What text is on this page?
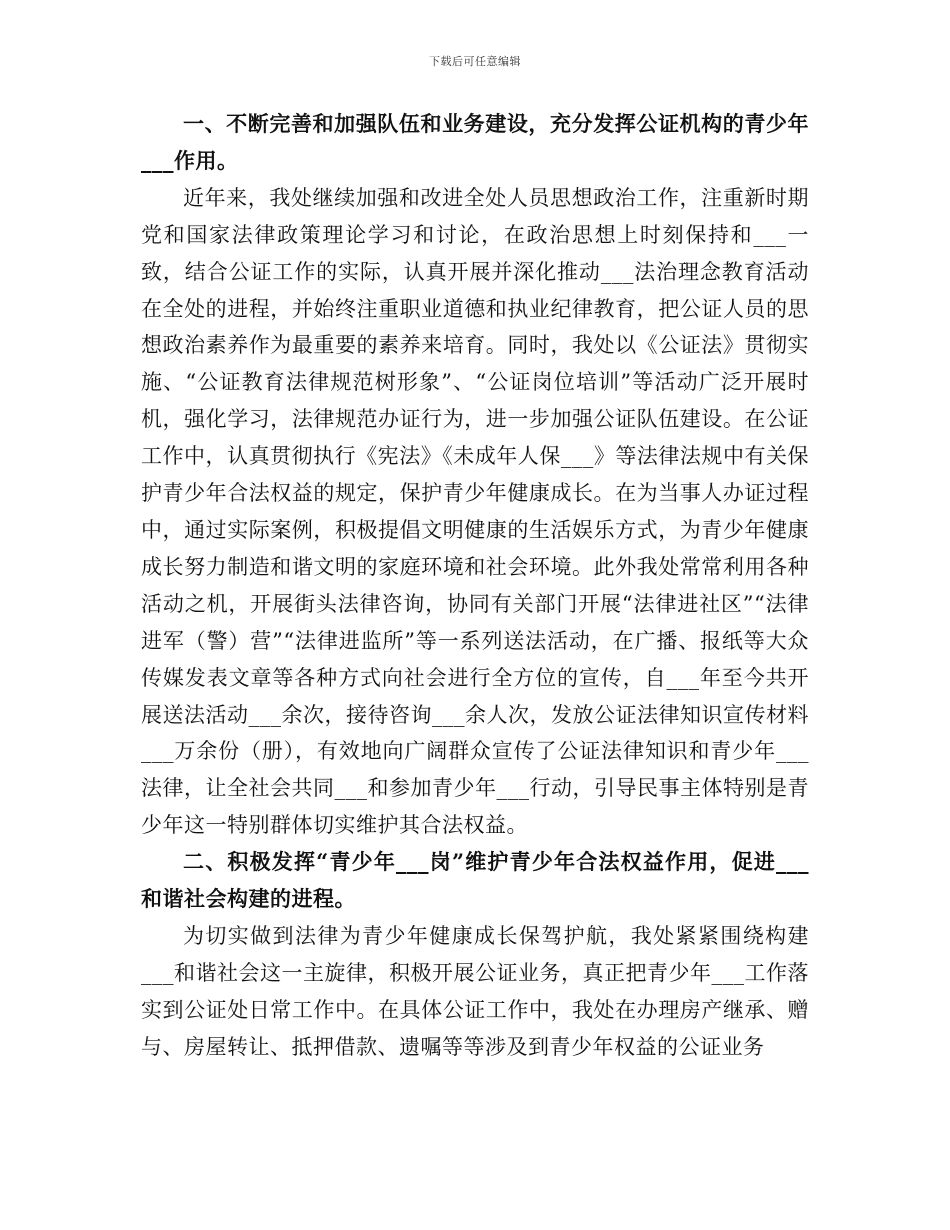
下载后可任意编辑

一、不断完善和加强队伍和业务建设，充分发挥公证机构的青少年___作用。

近年来，我处继续加强和改进全处人员思想政治工作，注重新时期党和国家法律政策理论学习和讨论，在政治思想上时刻保持和___一致，结合公证工作的实际，认真开展并深化推动___法治理念教育活动在全处的进程，并始终注重职业道德和执业纪律教育，把公证人员的思想政治素养作为最重要的素养来培育。同时，我处以《公证法》贯彻实施、“公证教育法律规范树形象”、“公证岗位培训”等活动广泛开展时机，强化学习，法律规范办证行为，进一步加强公证队伍建设。在公证工作中，认真贯彻执行《宪法》《未成年人保___》等法律法规中有关保护青少年合法权益的规定，保护青少年健康成长。在为当事人办证过程中，通过实际案例，积极提倡文明健康的生活娱乐方式，为青少年健康成长努力制造和谐文明的家庭环境和社会环境。此外我处常常利用各种活动之机，开展街头法律咨询，协同有关部门开展“法律进社区”“法律进军（警）营”“法律进监所”等一系列送法活动，在广播、报纸等大众传媒发表文章等各种方式向社会进行全方位的宣传，自___年至今共开展送法活动___余次，接待咨询___余人次，发放公证法律知识宣传材料___万余份（册），有效地向广阔群众宣传了公证法律知识和青少年___法律，让全社会共同___和参加青少年___行动，引导民事主体特别是青少年这一特别群体切实维护其合法权益。

二、积极发挥“青少年___岗”维护青少年合法权益作用，促进___和谐社会构建的进程。

为切实做到法律为青少年健康成长保驾护航，我处紧紧围绕构建___和谐社会这一主旋律，积极开展公证业务，真正把青少年___工作落实到公证处日常工作中。在具体公证工作中，我处在办理房产继承、赠与、房屋转让、抵押借款、遗嘱等等涉及到青少年权益的公证业务
